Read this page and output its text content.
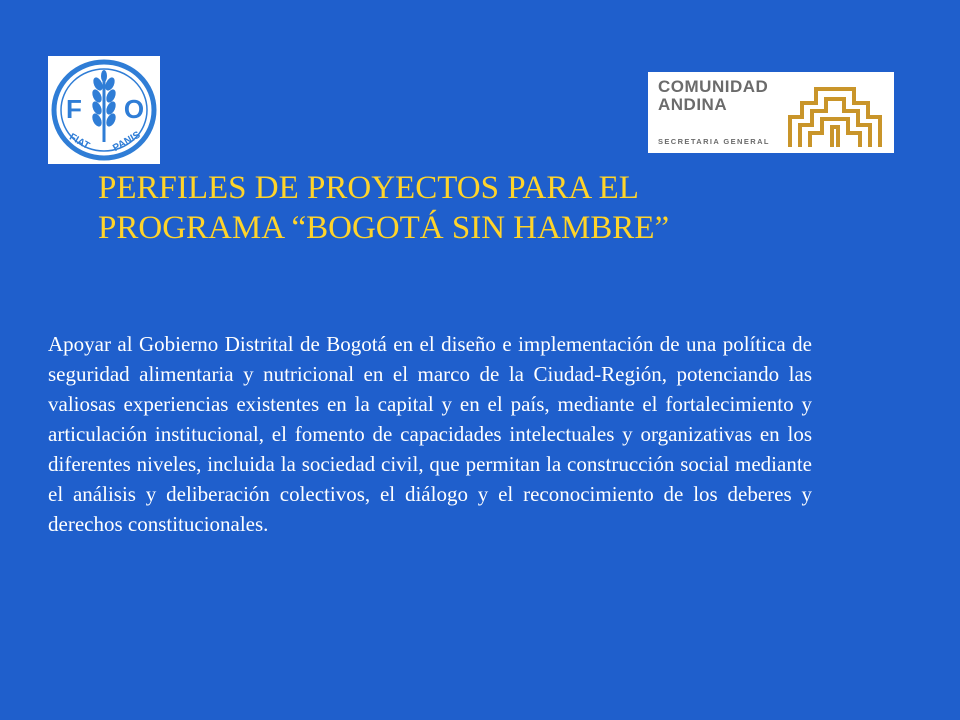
F
A
O
FIAT PANIS
COMUNIDAD
ANDINA
SECRETARIA GENERAL
PERFILES DE PROYECTOS PARA EL
PROGRAMA “BOGOTÁ SIN HAMBRE”

Apoyar al Gobierno Distrital de Bogotá en el diseño e implementación de una política de seguridad alimentaria y nutricional en el marco de la Ciudad-Región, potenciando las valiosas experiencias existentes en la capital y en el país, mediante el fortalecimiento y articulación institucional, el fomento de capacidades intelectuales y organizativas en los diferentes niveles, incluida la sociedad civil, que permitan la construcción social mediante el análisis y deliberación colectivos, el diálogo y el reconocimiento de los deberes y derechos constitucionales.
